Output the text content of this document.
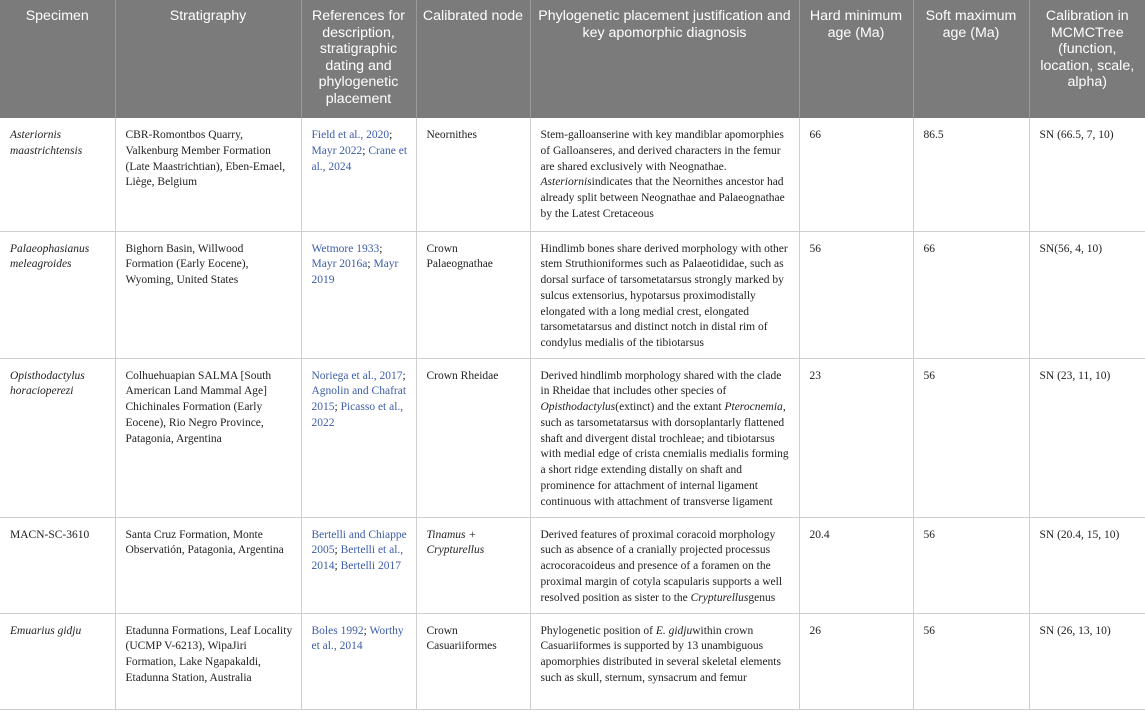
Specimen	Stratigraphy	References for description, stratigraphic dating and phylogenetic placement	Calibrated node	Phylogenetic placement justification and key apomorphic diagnosis	Hard minimum age (Ma)	Soft maximum age (Ma)	Calibration in MCMCTree (function, location, scale, alpha)
Asteriornis maastrichtensis	CBR-Romontbos Quarry, Valkenburg Member Formation (Late Maastrichtian), Eben-Emael, Liège, Belgium	Field et al., 2020; Mayr 2022; Crane et al., 2024	Neornithes	Stem-galloanserine with key mandiblar apomorphies of Galloanseres, and derived characters in the femur are shared exclusively with Neognathae. Asteriornisindicates that the Neornithes ancestor had already split between Neognathae and Palaeognathae by the Latest Cretaceous	66	86.5	SN (66.5, 7, 10)
Palaeophasianus meleagroides	Bighorn Basin, Willwood Formation (Early Eocene), Wyoming, United States	Wetmore 1933; Mayr 2016a; Mayr 2019	Crown Palaeognathae	Hindlimb bones share derived morphology with other stem Struthioniformes such as Palaeotididae, such as dorsal surface of tarsometatarsus strongly marked by sulcus extensorius, hypotarsus proximodistally elongated with a long medial crest, elongated tarsometatarsus and distinct notch in distal rim of condylus medialis of the tibiotarsus	56	66	SN(56, 4, 10)
Opisthodactylus horacioperezi	Colhuehuapian SALMA [South American Land Mammal Age] Chichinales Formation (Early Eocene), Rio Negro Province, Patagonia, Argentina	Noriega et al., 2017; Agnolin and Chafrat 2015; Picasso et al., 2022	Crown Rheidae	Derived hindlimb morphology shared with the clade in Rheidae that includes other species of Opisthodactylus(extinct) and the extant Pterocnemia, such as tarsometatarsus with dorsoplantarly flattened shaft and divergent distal trochleae; and tibiotarsus with medial edge of crista cnemialis medialis forming a short ridge extending distally on shaft and prominence for attachment of internal ligament continuous with attachment of transverse ligament	23	56	SN (23, 11, 10)
MACN-SC-3610	Santa Cruz Formation, Monte Observatión, Patagonia, Argentina	Bertelli and Chiappe 2005; Bertelli et al., 2014; Bertelli 2017	Tinamus + Crypturellus	Derived features of proximal coracoid morphology such as absence of a cranially projected processus acrocoracoideus and presence of a foramen on the proximal margin of cotyla scapularis supports a well resolved position as sister to the Crypturellusgenus	20.4	56	SN (20.4, 15, 10)
Emuarius gidju	Etadunna Formations, Leaf Locality (UCMP V-6213), WipaJiri Formation, Lake Ngapakaldi, Etadunna Station, Australia	Boles 1992; Worthy et al., 2014	Crown Casuariiformes	Phylogenetic position of E. gidjuwithin crown Casuariiformes is supported by 13 unambiguous apomorphies distributed in several skeletal elements such as skull, sternum, synsacrum and femur	26	56	SN (26, 13, 10)
